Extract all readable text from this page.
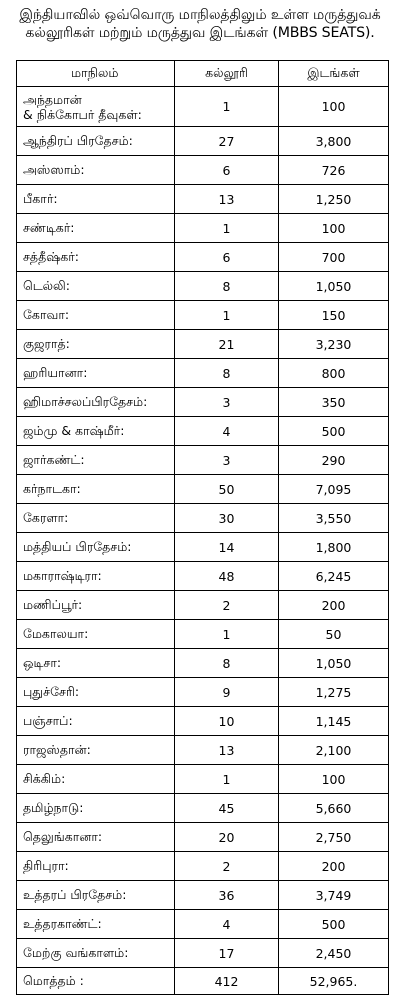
இந்தியாவில் ஒவ்வொரு மாநிலத்திலும் உள்ள மருத்துவக்
கல்லூரிகள் மற்றும் மருத்துவ இடங்கள் (MBBS SEATS).
மாநிலம்	கல்லூரி	இடங்கள்

அந்தமான்
& நிக்கோபர் தீவுகள்:	1	100

ஆந்திரப் பிரதேசம்:	27	3,800

அஸ்ஸாம்:	6	726

பீகார்:	13	1,250

சண்டிகர்:	1	100

சத்தீஷ்கர்:	6	700

டெல்லி:	8	1,050

கோவா:	1	150

குஜராத்:	21	3,230

ஹரியானா:	8	800

ஹிமாச்சலப்பிரதேசம்:	3	350

ஜம்மு & காஷ்மீர்:	4	500

ஜார்கண்ட்:	3	290

கர்நாடகா:	50	7,095

கேரளா:	30	3,550

மத்தியப் பிரதேசம்:	14	1,800

மகாராஷ்டிரா:	48	6,245

மணிப்பூர்:	2	200

மேகாலயா:	1	50

ஒடிசா:	8	1,050

புதுச்சேரி:	9	1,275

பஞ்சாப்:	10	1,145

ராஜஸ்தான்:	13	2,100

சிக்கிம்:	1	100

தமிழ்நாடு:	45	5,660

தெலுங்கானா:	20	2,750

திரிபுரா:	2	200

உத்தரப் பிரதேசம்:	36	3,749

உத்தரகாண்ட்:	4	500

மேற்கு வங்காளம்:	17	2,450
மொத்தம் :	412	52,965.
